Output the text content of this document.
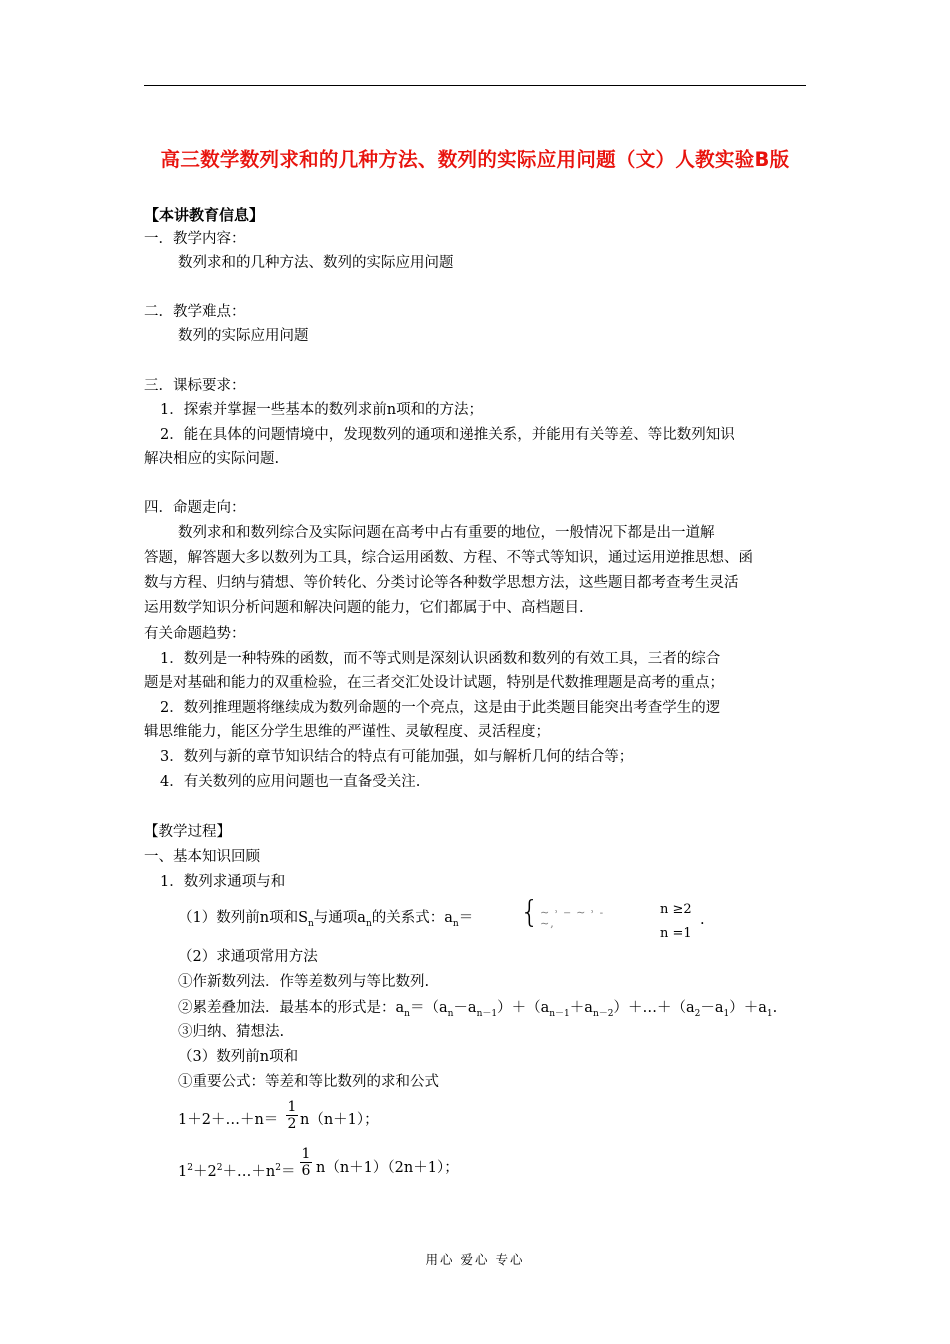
高三数学数列求和的几种方法、数列的实际应用问题（文）人教实验B版
【本讲教育信息】
一．教学内容：
数列求和的几种方法、数列的实际应用问题
二．教学难点：
数列的实际应用问题
三．课标要求：
1．探索并掌握一些基本的数列求前n项和的方法；
2．能在具体的问题情境中，发现数列的通项和递推关系，并能用有关等差、等比数列知识
解决相应的实际问题.
四．命题走向：
数列求和和数列综合及实际问题在高考中占有重要的地位，一般情况下都是出一道解
答题，解答题大多以数列为工具，综合运用函数、方程、不等式等知识，通过运用逆推思想、函
数与方程、归纳与猜想、等价转化、分类讨论等各种数学思想方法，这些题目都考查考生灵活
运用数学知识分析问题和解决问题的能力，它们都属于中、高档题目.
有关命题趋势：
1．数列是一种特殊的函数，而不等式则是深刻认识函数和数列的有效工具，三者的综合
题是对基础和能力的双重检验，在三者交汇处设计试题，特别是代数推理题是高考的重点；
2．数列推理题将继续成为数列命题的一个亮点，这是由于此类题目能突出考查学生的逻
辑思维能力，能区分学生思维的严谨性、灵敏程度、灵活程度；
3．数列与新的章节知识结合的特点有可能加强，如与解析几何的结合等；
4．有关数列的应用问题也一直备受关注.
【教学过程】
一、基本知识回顾
1．数列求通项与和
（1）数列前n项和$S_n$与通项$a_n$的关系式：$a_n=$ { ∼ ˒ ‒ ∼ ˒ ˗
∼,
n ≥2
n =1
.
（2）求通项常用方法
①作新数列法．作等差数列与等比数列.
②累差叠加法．最基本的形式是：$a_n=(a_n-a_{n-1})+(a_{n-1}+a_{n-2})+\dots+(a_2-a_1)+a_1$.
③归纳、猜想法.
（3）数列前n项和
①重要公式：等差和等比数列的求和公式
1＋2＋…＋n＝ $\frac{1}{2} n(n+1)$；
$1^2+2^2+\dots+n^2= \frac{1}{6} n(n+1)(2n+1)$；
用心 爱心 专心
